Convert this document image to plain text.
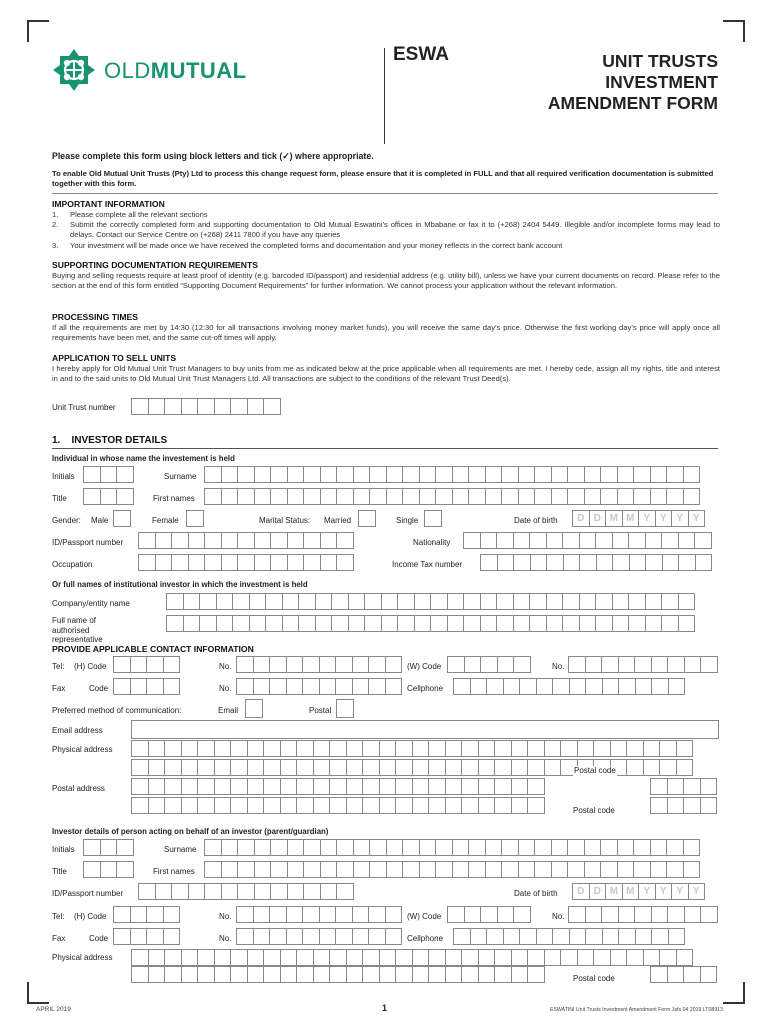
OLDMUTUAL
ESWA	UNIT TRUSTS
INVESTMENT
AMENDMENT FORM
Please complete this form using block letters and tick (✓) where appropriate.
To enable Old Mutual Unit Trusts (Pty) Ltd to process this change request form, please ensure that it is completed in FULL and that all required verification documentation is submitted together with this form.
IMPORTANT INFORMATION
1. Please complete all the relevant sections
2. Submit the correctly completed form and supporting documentation to Old Mutual Eswatini’s offices in Mbabane or fax it to (+268) 2404 5449. Illegible and/or incomplete forms may lead to delays. Contact our Service Centre on (+268) 2411 7800 if you have any queries
3. Your investment will be made once we have received the completed forms and documentation and your money reflects in the correct bank account
SUPPORTING DOCUMENTATION REQUIREMENTS
Buying and selling requests require at least proof of identity (e.g. barcoded ID/passport) and residential address (e.g. utility bill), unless we have your current documents on record. Please refer to the section at the end of this form entitled “Supporting Document Requirements” for further information. We cannot process your application without the relevant information.
PROCESSING TIMES
If all the requirements are met by 14:30 (12:30 for all transactions involving money market funds), you will receive the same day’s price. Otherwise the first working day’s price will apply once all requirements have been met, and the same cut-off times will apply.
APPLICATION TO SELL UNITS
I hereby apply for Old Mutual Unit Trust Managers to buy units from me as indicated below at the price applicable when all requirements are met. I hereby cede, assign all my rights, title and interest in and to the said units to Old Mutual Unit Trust Managers Ltd. All transactions are subject to the conditions of the relevant Trust Deed(s).
Unit Trust number
1.    INVESTOR DETAILS
Individual in whose name the investement is held
Initials	Surname
Title	First names
Gender: Male	Female	Marital Status: Married	Single	Date of birth	D D M M Y Y Y Y
ID/Passport number	Nationality
Occupation	Income Tax number
Or full names of institutional investor in which the investment is held
Company/entity name
Full name of authorised representative
PROVIDE APPLICABLE CONTACT INFORMATION
Tel: (H) Code	No.	(W) Code	No.
Fax	Code	No.	Cellphone
Preferred method of communication:	Email	Postal
Email address
Physical address
Postal code
Postal address
Postal code
Investor details of person acting on behalf of an investor (parent/guardian)
Initials	Surname
Title	First names
ID/Passport number	Date of birth	D D M M Y Y Y Y
Tel: (H) Code	No.	(W) Code	No.
Fax	Code	No.	Cellphone
Physical address
Postal code
APRIL 2019	1	ESWATINI Unit Trusts Investment Amendment Form Jafs 04 2019 LT08913
